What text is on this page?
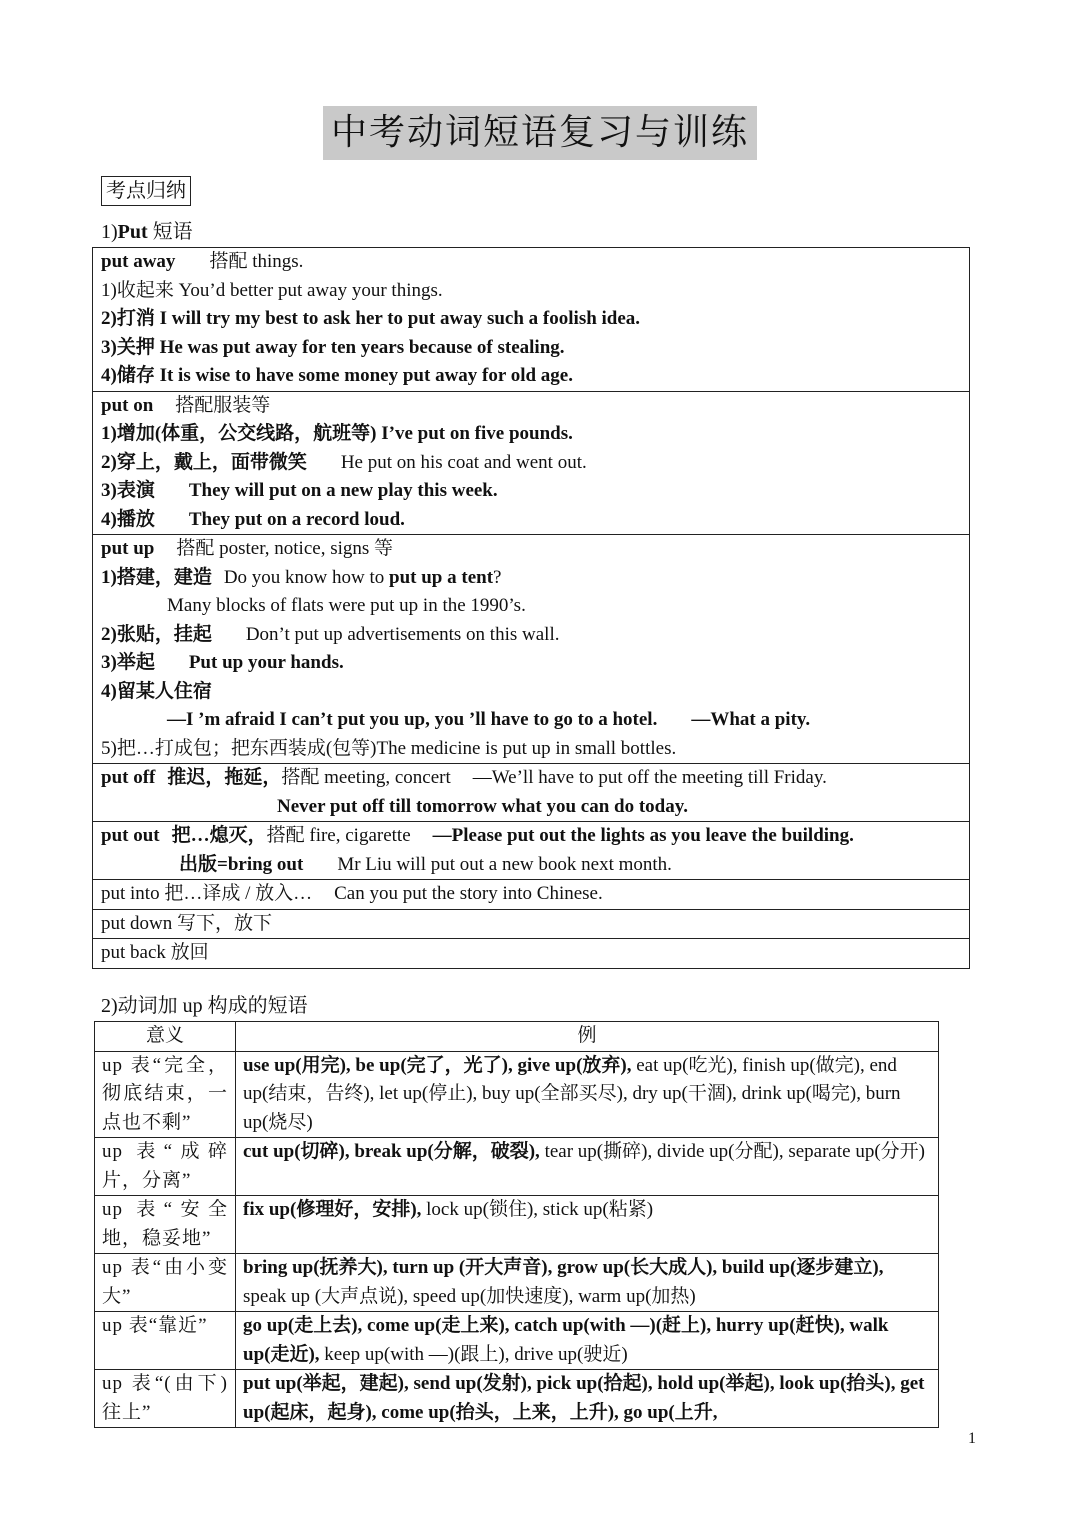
中考动词短语复习与训练
考点归纳
1)Put 短语
put away 搭配 things.
1)收起来 You’d better put away your things.
2)打消 I will try my best to ask her to put away such a foolish idea.
3)关押 He was put away for ten years because of stealing.
4)储存 It is wise to have some money put away for old age.
put on 搭配服装等
1)增加(体重，公交线路，航班等) I’ve put on five pounds.
2)穿上，戴上，面带微笑 He put on his coat and went out.
3)表演 They will put on a new play this week.
4)播放 They put on a record loud.
put up 搭配 poster, notice, signs 等
1)搭建，建造 Do you know how to put up a tent?
Many blocks of flats were put up in the 1990’s.
2)张贴，挂起 Don’t put up advertisements on this wall.
3)举起 Put up your hands.
4)留某人住宿
—I ’m afraid I can’t put you up, you ’ll have to go to a hotel. —What a pity.
5)把…打成包；把东西装成(包等)The medicine is put up in small bottles.
put off 推迟，拖延，搭配 meeting, concert —We’ll have to put off the meeting till Friday.
Never put off till tomorrow what you can do today.
put out 把…熄灭，搭配 fire, cigarette —Please put out the lights as you leave the building.
出版=bring out Mr Liu will put out a new book next month.
put into 把…译成 / 放入… Can you put the story into Chinese.
put down 写下，放下
put back 放回
2)动词加 up 构成的短语
意义	例
up 表“完全，彻底结束，一点也不剩”	use up(用完), be up(完了，光了), give up(放弃), eat up(吃光), finish up(做完), end up(结束，告终), let up(停止), buy up(全部买尽), dry up(干涸), drink up(喝完), burn up(烧尽)
up 表“成碎片，分离”	cut up(切碎), break up(分解，破裂), tear up(撕碎), divide up(分配), separate up(分开)
up 表“安全地，稳妥地”	fix up(修理好，安排), lock up(锁住), stick up(粘紧)
up 表“由小变大”	bring up(抚养大), turn up (开大声音), grow up(长大成人), build up(逐步建立), speak up (大声点说), speed up(加快速度), warm up(加热)
up 表“靠近”	go up(走上去), come up(走上来), catch up(with —)(赶上), hurry up(赶快), walk up(走近), keep up(with —)(跟上), drive up(驶近)
up 表“(由下)往上”	put up(举起，建起), send up(发射), pick up(拾起), hold up(举起), look up(抬头), get up(起床，起身), come up(抬头，上来，上升), go up(上升,
1
